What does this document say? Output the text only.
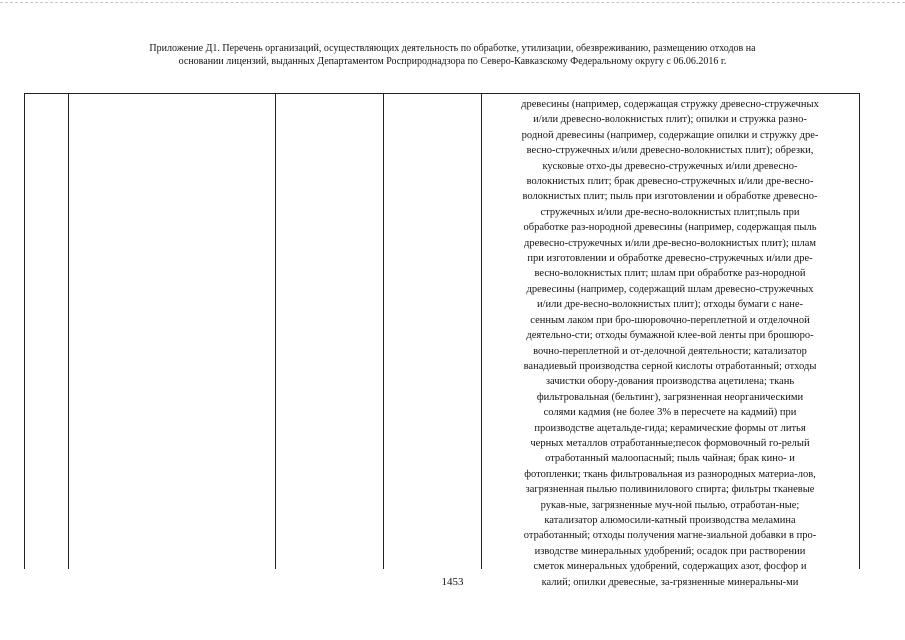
Приложение Д1. Перечень организаций, осуществляющих деятельность по обработке, утилизации, обезвреживанию, размещению отходов на
основании лицензий, выданных Департаментом Росприроднадзора по Северо-Кавказскому Федеральному округу с 06.06.2016 г.
древесины (например, содержащая стружку древесно-стружечных
и/или древесно-волокнистых плит); опилки и стружка разно-
родной древесины (например, содержащие опилки и стружку дре-
весно-стружечных и/или древесно-волокнистых плит); обрезки,
кусковые отхо-ды древесно-стружечных и/или древесно-
волокнистых плит; брак древесно-стружечных и/или дре-весно-
волокнистых плит; пыль при изготовлении и обработке древесно-
стружечных и/или дре-весно-волокнистых плит;пыль при
обработке раз-нородной древесины (например, содержащая пыль
древесно-стружечных и/или дре-весно-волокнистых плит); шлам
при изготовлении и обработке древесно-стружечных и/или дре-
весно-волокнистых плит; шлам при обработке раз-нородной
древесины (например, содержащий шлам древесно-стружечных
и/или дре-весно-волокнистых плит); отходы бумаги с нане-
сенным лаком при бро-шюровочно-переплетной и отделочной
деятельно-сти; отходы бумажной клее-вой ленты при брошюро-
вочно-переплетной и от-делочной деятельности; катализатор
ванадиевый производства серной кислоты отработанный; отходы
зачистки обору-дования производства ацетилена; ткань
фильтровальная (бельтинг), загрязненная неорганическими
солями кадмия (не более 3% в пересчете на кадмий) при
производстве ацетальде-гида; керамические формы от литья
черных металлов отработанные;песок формовочный го-релый
отработанный малоопасный; пыль чайная; брак кино- и
фотопленки; ткань фильтровальная из разнородных материа-лов,
загрязненная пылью поливинилового спирта; фильтры тканевые
рукав-ные, загрязненные муч-ной пылью, отработан-ные;
катализатор алюмосили-катный производства меламина
отработанный; отходы получения магне-зиальной добавки в про-
изводстве минеральных удобрений; осадок при растворении
сметок минеральных удобрений, содержащих азот, фосфор и
калий; опилки древесные, за-грязненные минеральны-ми
1453
